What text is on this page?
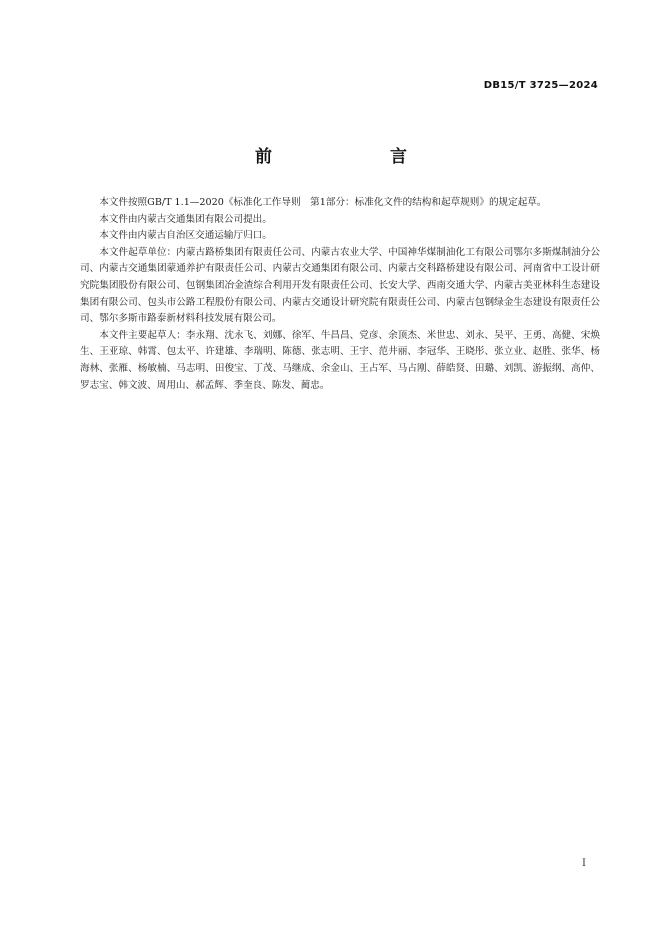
DB15/T 3725—2024
前　　言

本文件按照GB/T 1.1—2020《标准化工作导则　第1部分：标准化文件的结构和起草规则》的规定起草。

本文件由内蒙古交通集团有限公司提出。

本文件由内蒙古自治区交通运输厅归口。

本文件起草单位：内蒙古路桥集团有限责任公司、内蒙古农业大学、中国神华煤制油化工有限公司鄂尔多斯煤制油分公司、内蒙古交通集团蒙通养护有限责任公司、内蒙古交通集团有限公司、内蒙古交科路桥建设有限公司、河南省中工设计研究院集团股份有限公司、包钢集团冶金渣综合利用开发有限责任公司、长安大学、西南交通大学、内蒙古美亚林科生态建设集团有限公司、包头市公路工程股份有限公司、内蒙古交通设计研究院有限责任公司、内蒙古包钢绿金生态建设有限责任公司、鄂尔多斯市路泰新材料科技发展有限公司。

本文件主要起草人：李永翔、沈永飞、刘娜、徐军、牛昌昌、党彦、余顶杰、米世忠、刘永、吴平、王勇、高健、宋焕生、王亚琼、韩霄、包太平、许建雄、李瑞明、陈德、张志明、王宇、范井丽、李冠华、王晓彤、张立业、赵胜、张华、杨海林、张雁、杨敏楠、马志明、田俊宝、丁茂、马继成、余金山、王占军、马占刚、薛皓贤、田璐、刘凯、游振纲、高仲、罗志宝、韩文波、周用山、郝孟辉、季奎良、陈发、蔺忠。

I
